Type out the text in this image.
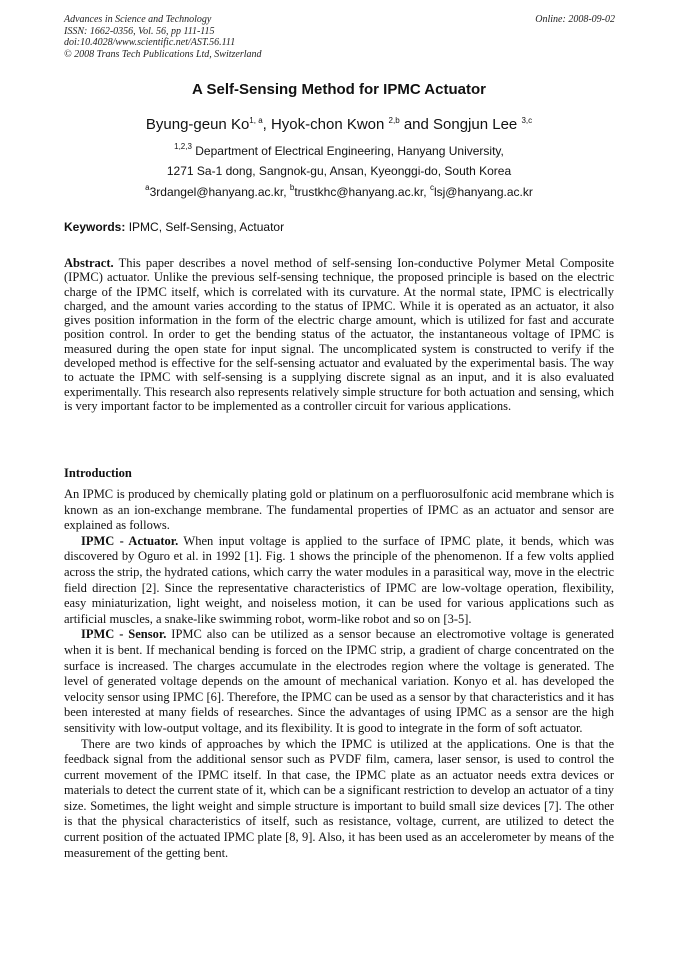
Advances in Science and Technology
ISSN: 1662-0356, Vol. 56, pp 111-115
doi:10.4028/www.scientific.net/AST.56.111
© 2008 Trans Tech Publications Ltd, Switzerland
Online: 2008-09-02
A Self-Sensing Method for IPMC Actuator
Byung-geun Ko$^{1, a}$, Hyok-chon Kwon $^{2,b}$ and Songjun Lee $^{3,c}$
$^{1,2,3}$ Department of Electrical Engineering, Hanyang University,
1271 Sa-1 dong, Sangnok-gu, Ansan, Kyeonggi-do, South Korea
$^a$3rdangel@hanyang.ac.kr, $^b$trustkhc@hanyang.ac.kr, $^c$lsj@hanyang.ac.kr
Keywords: IPMC, Self-Sensing, Actuator

Abstract. This paper describes a novel method of self-sensing Ion-conductive Polymer Metal Composite (IPMC) actuator. Unlike the previous self-sensing technique, the proposed principle is based on the electric charge of the IPMC itself, which is correlated with its curvature. At the normal state, IPMC is electrically charged, and the amount varies according to the status of IPMC. While it is operated as an actuator, it also gives position information in the form of the electric charge amount, which is utilized for fast and accurate position control. In order to get the bending status of the actuator, the instantaneous voltage of IPMC is measured during the open state for input signal. The uncomplicated system is constructed to verify if the developed method is effective for the self-sensing actuator and evaluated by the experimental basis. The way to actuate the IPMC with self-sensing is a supplying discrete signal as an input, and it is also evaluated experimentally. This research also represents relatively simple structure for both actuation and sensing, which is very important factor to be implemented as a controller circuit for various applications.

Introduction

An IPMC is produced by chemically plating gold or platinum on a perfluorosulfonic acid membrane which is known as an ion-exchange membrane. The fundamental properties of IPMC as an actuator and sensor are explained as follows.

IPMC - Actuator. When input voltage is applied to the surface of IPMC plate, it bends, which was discovered by Oguro et al. in 1992 [1]. Fig. 1 shows the principle of the phenomenon. If a few volts applied across the strip, the hydrated cations, which carry the water modules in a parasitical way, move in the electric field direction [2]. Since the representative characteristics of IPMC are low-voltage operation, flexibility, easy miniaturization, light weight, and noiseless motion, it can be used for various applications such as artificial muscles, a snake-like swimming robot, worm-like robot and so on [3-5].

IPMC - Sensor. IPMC also can be utilized as a sensor because an electromotive voltage is generated when it is bent. If mechanical bending is forced on the IPMC strip, a gradient of charge concentrated on the surface is increased. The charges accumulate in the electrodes region where the voltage is generated. The level of generated voltage depends on the amount of mechanical variation. Konyo et al. has developed the velocity sensor using IPMC [6]. Therefore, the IPMC can be used as a sensor by that characteristics and it has been interested at many fields of researches. Since the advantages of using IPMC as a sensor are the high sensitivity with low-output voltage, and its flexibility. It is good to integrate in the form of soft actuator.

There are two kinds of approaches by which the IPMC is utilized at the applications. One is that the feedback signal from the additional sensor such as PVDF film, camera, laser sensor, is used to control the current movement of the IPMC itself. In that case, the IPMC plate as an actuator needs extra devices or materials to detect the current state of it, which can be a significant restriction to develop an actuator of a tiny size. Sometimes, the light weight and simple structure is important to build small size devices [7]. The other is that the physical characteristics of itself, such as resistance, voltage, current, are utilized to detect the current position of the actuated IPMC plate [8, 9]. Also, it has been used as an accelerometer by means of the measurement of the getting bent.
